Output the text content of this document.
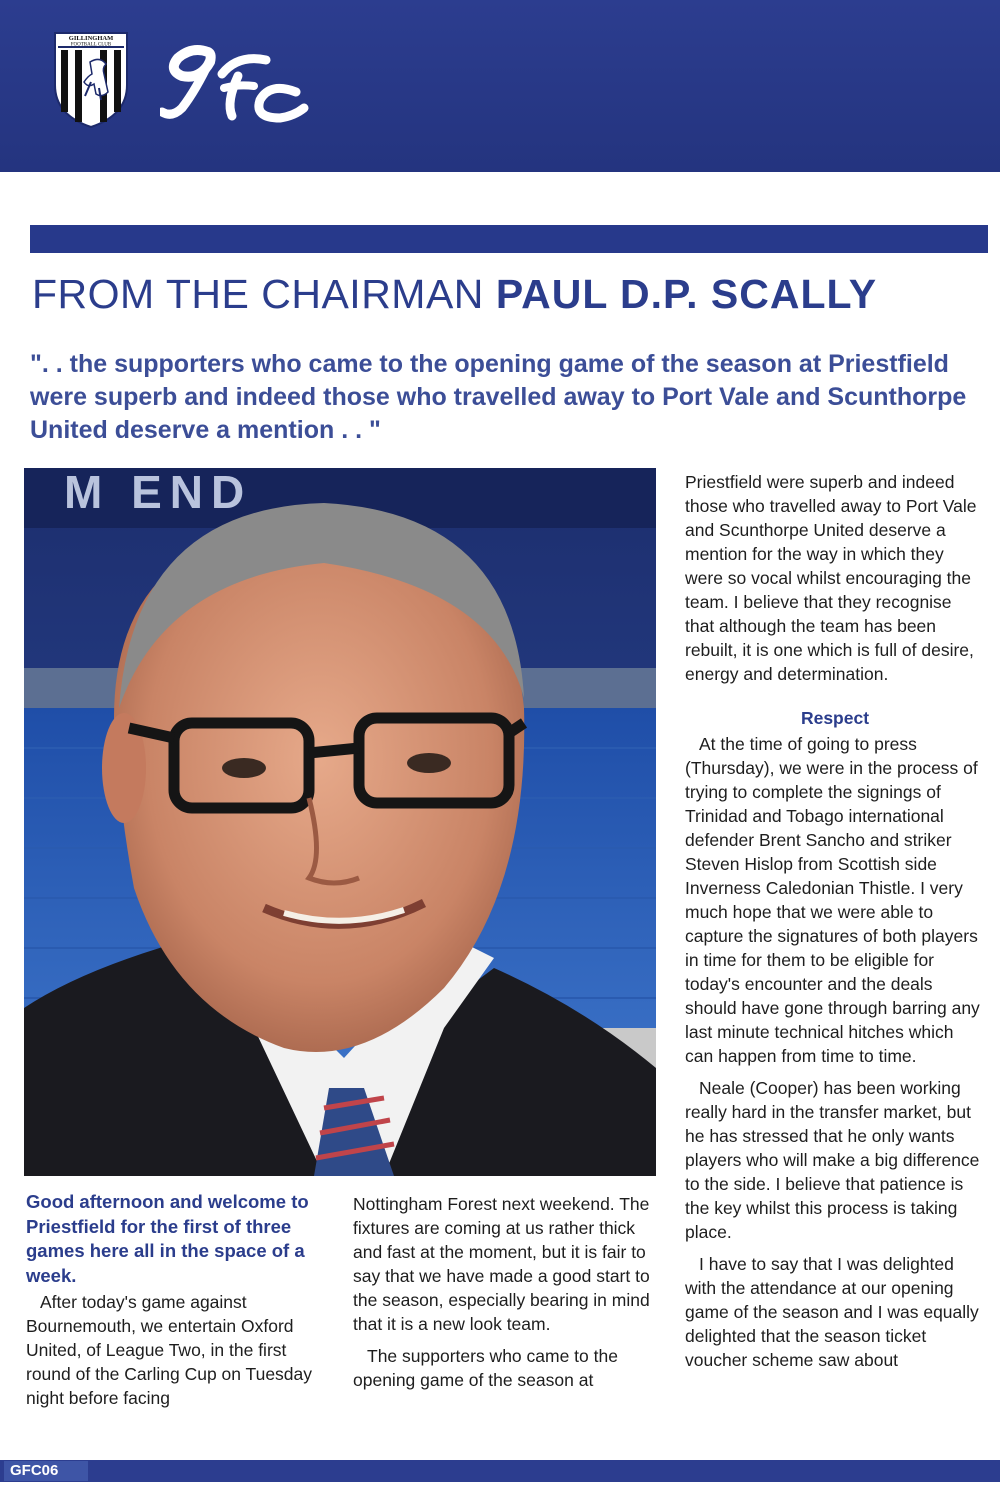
GILLINGHAM
FOOTBALL CLUB
FROM THE CHAIRMAN PAUL D.P. SCALLY
". . the supporters who came to the opening game of the season at Priestfield were superb and indeed those who travelled away to Port Vale and Scunthorpe United deserve a mention . . "
M END

Good afternoon and welcome to Priestfield for the first of three games here all in the space of a week.

After today's game against Bournemouth, we entertain Oxford United, of League Two, in the first round of the Carling Cup on Tuesday night before facing

Nottingham Forest next weekend. The fixtures are coming at us rather thick and fast at the moment, but it is fair to say that we have made a good start to the season, especially bearing in mind that it is a new look team.

The supporters who came to the opening game of the season at

Priestfield were superb and indeed those who travelled away to Port Vale and Scunthorpe United deserve a mention for the way in which they were so vocal whilst encouraging the team. I believe that they recognise that although the team has been rebuilt, it is one which is full of desire, energy and determination.

Respect

At the time of going to press (Thursday), we were in the process of trying to complete the signings of Trinidad and Tobago international defender Brent Sancho and striker Steven Hislop from Scottish side Inverness Caledonian Thistle. I very much hope that we were able to capture the signatures of both players in time for them to be eligible for today's encounter and the deals should have gone through barring any last minute technical hitches which can happen from time to time.

Neale (Cooper) has been working really hard in the transfer market, but he has stressed that he only wants players who will make a big difference to the side. I believe that patience is the key whilst this process is taking place.

I have to say that I was delighted with the attendance at our opening game of the season and I was equally delighted that the season ticket voucher scheme saw about

GFC06
